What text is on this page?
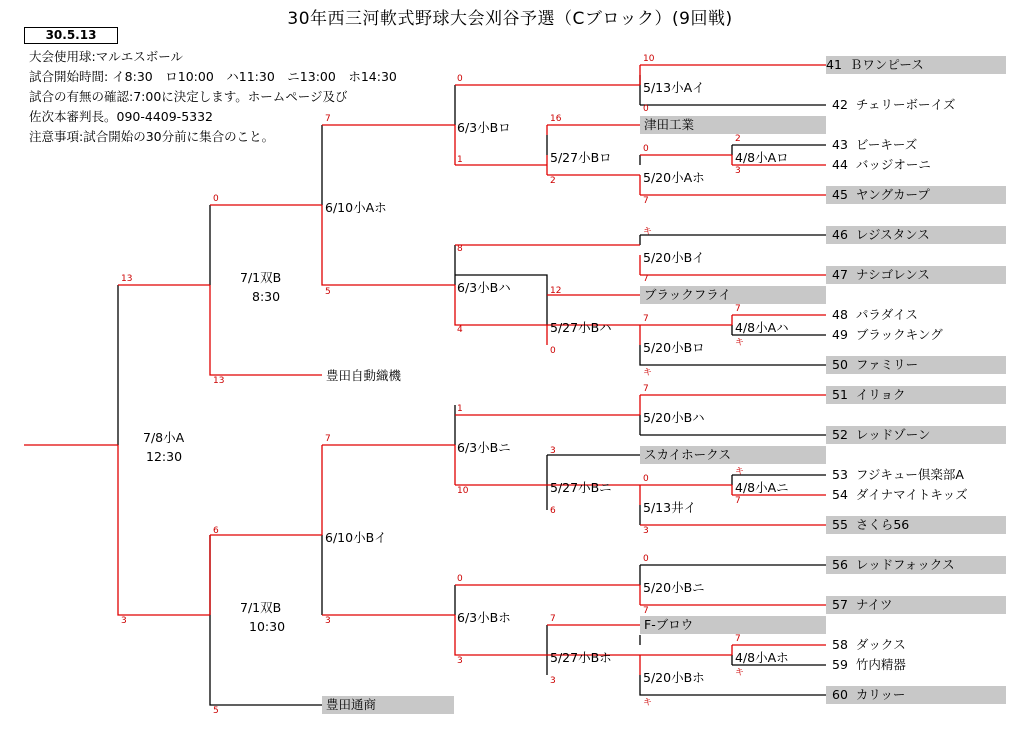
30年西三河軟式野球大会刈谷予選（Cブロック）(9回戦)
30.5.13
大会使用球:マルエスボール
試合開始時間: イ8:30　ロ10:00　ハ11:30　ニ13:00　ホ14:30
試合の有無の確認:7:00に決定します。ホームページ及び
佐次本審判長。090-4409-5332
注意事項:試合開始の30分前に集合のこと。
41 Ｂワンピース
42 チェリーボーイズ
津田工業
43 ビーキーズ
44 バッジオーニ
45 ヤングカープ
46 レジスタンス
47 ナシゴレンス
ブラックフライ
48 パラダイス
49 ブラックキング
50 ファミリー
豊田自動織機
51 イリョク
52 レッドゾーン
スカイホークス
53 フジキュー倶楽部A
54 ダイナマイトキッズ
55 さくら56
56 レッドフォックス
57 ナイツ
F-ブロウ
58 ダックス
59 竹内精器
60 カリッー
豊田通商
5/13小Aイ
6/3小Bロ
5/27小Bロ	4/8小Aロ
5/20小Aホ
6/10小Aホ
5/20小Bイ
6/3小Bハ
5/27小Bハ	4/8小Aハ
5/20小Bロ
7/1双B
8:30
7/8小A
12:30
5/20小Bハ
6/3小Bニ
5/27小Bニ	4/8小Aニ
5/13井イ
6/10小Bイ
5/20小Bニ
6/3小Bホ
5/27小Bホ	4/8小Aホ
5/20小Bホ
7/1双B
10:30
10
0
0
1
7	16
2
0
7
2
3
0
13
13
8
4
5
7
12
7
0
7
キ
キ
キ
1
10
7
3
6
7
0
3
キ
0
7
3
6
3
0
7
7
3
キ
キ
7
3
5
